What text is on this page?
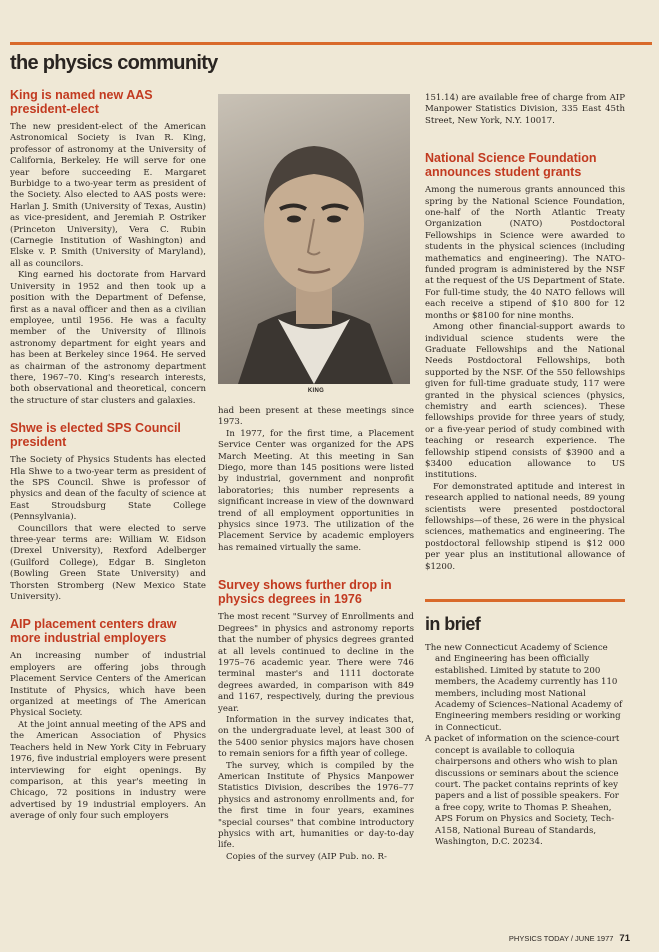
the physics community
King is named new AAS president-elect

The new president-elect of the American Astronomical Society is Ivan R. King, professor of astronomy at the University of California, Berkeley. He will serve for one year before succeeding E. Margaret Burbidge to a two-year term as president of the Society. Also elected to AAS posts were: Harlan J. Smith (University of Texas, Austin) as vice-president, and Jeremiah P. Ostriker (Princeton University), Vera C. Rubin (Carnegie Institution of Washington) and Elske v. P. Smith (University of Maryland), all as councilors.

King earned his doctorate from Harvard University in 1952 and then took up a position with the Department of Defense, first as a naval officer and then as a civilian employee, until 1956. He was a faculty member of the University of Illinois astronomy department for eight years and has been at Berkeley since 1964. He served as chairman of the astronomy department there, 1967–70. King's research interests, both observational and theoretical, concern the structure of star clusters and galaxies.

Shwe is elected SPS Council president

The Society of Physics Students has elected Hla Shwe to a two-year term as president of the SPS Council. Shwe is professor of physics and dean of the faculty of science at East Stroudsburg State College (Pennsylvania).

Councillors that were elected to serve three-year terms are: William W. Eidson (Drexel University), Rexford Adelberger (Guilford College), Edgar B. Singleton (Bowling Green State University) and Thorsten Stromberg (New Mexico State University).

AIP placement centers draw more industrial employers

An increasing number of industrial employers are offering jobs through Placement Service Centers of the American Institute of Physics, which have been organized at meetings of The American Physical Society.

At the joint annual meeting of the APS and the American Association of Physics Teachers held in New York City in February 1976, five industrial employers were present interviewing for eight openings. By comparison, at this year's meeting in Chicago, 72 positions in industry were advertised by 19 industrial employers. An average of only four such employers

KING

had been present at these meetings since 1973.

In 1977, for the first time, a Placement Service Center was organized for the APS March Meeting. At this meeting in San Diego, more than 145 positions were listed by industrial, government and nonprofit laboratories; this number represents a significant increase in view of the downward trend of all employment opportunities in physics since 1973. The utilization of the Placement Service by academic employers has remained virtually the same.

Survey shows further drop in physics degrees in 1976

The most recent "Survey of Enrollments and Degrees" in physics and astronomy reports that the number of physics degrees granted at all levels continued to decline in the 1975–76 academic year. There were 746 terminal master's and 1111 doctorate degrees awarded, in comparison with 849 and 1167, respectively, during the previous year.

Information in the survey indicates that, on the undergraduate level, at least 300 of the 5400 senior physics majors have chosen to remain seniors for a fifth year of college.

The survey, which is compiled by the American Institute of Physics Manpower Statistics Division, describes the 1976–77 physics and astronomy enrollments and, for the first time in four years, examines "special courses" that combine introductory physics with art, humanities or day-to-day life.

Copies of the survey (AIP Pub. no. R-

151.14) are available free of charge from AIP Manpower Statistics Division, 335 East 45th Street, New York, N.Y. 10017.

National Science Foundation announces student grants

Among the numerous grants announced this spring by the National Science Foundation, one-half of the North Atlantic Treaty Organization (NATO) Postdoctoral Fellowships in Science were awarded to students in the physical sciences (including mathematics and engineering). The NATO-funded program is administered by the NSF at the request of the US Department of State. For full-time study, the 40 NATO fellows will each receive a stipend of $10 800 for 12 months or $8100 for nine months.

Among other financial-support awards to individual science students were the Graduate Fellowships and the National Needs Postdoctoral Fellowships, both supported by the NSF. Of the 550 fellowships given for full-time graduate study, 117 were granted in the physical sciences (physics, chemistry and earth sciences). These fellowships provide for three years of study, or a five-year period of study combined with teaching or research experience. The fellowship stipend consists of $3900 and a $3400 education allowance to US institutions.

For demonstrated aptitude and interest in research applied to national needs, 89 young scientists were presented postdoctoral fellowships—of these, 26 were in the physical sciences, mathematics and engineering. The postdoctoral fellowship stipend is $12 000 per year plus an institutional allowance of $1200.

in brief

The new Connecticut Academy of Science and Engineering has been officially established. Limited by statute to 200 members, the Academy currently has 110 members, including most National Academy of Sciences–National Academy of Engineering members residing or working in Connecticut.

A packet of information on the science-court concept is available to colloquia chairpersons and others who wish to plan discussions or seminars about the science court. The packet contains reprints of key papers and a list of possible speakers. For a free copy, write to Thomas P. Sheahen, APS Forum on Physics and Society, Tech-A158, National Bureau of Standards, Washington, D.C. 20234.

PHYSICS TODAY / JUNE 1977 71
